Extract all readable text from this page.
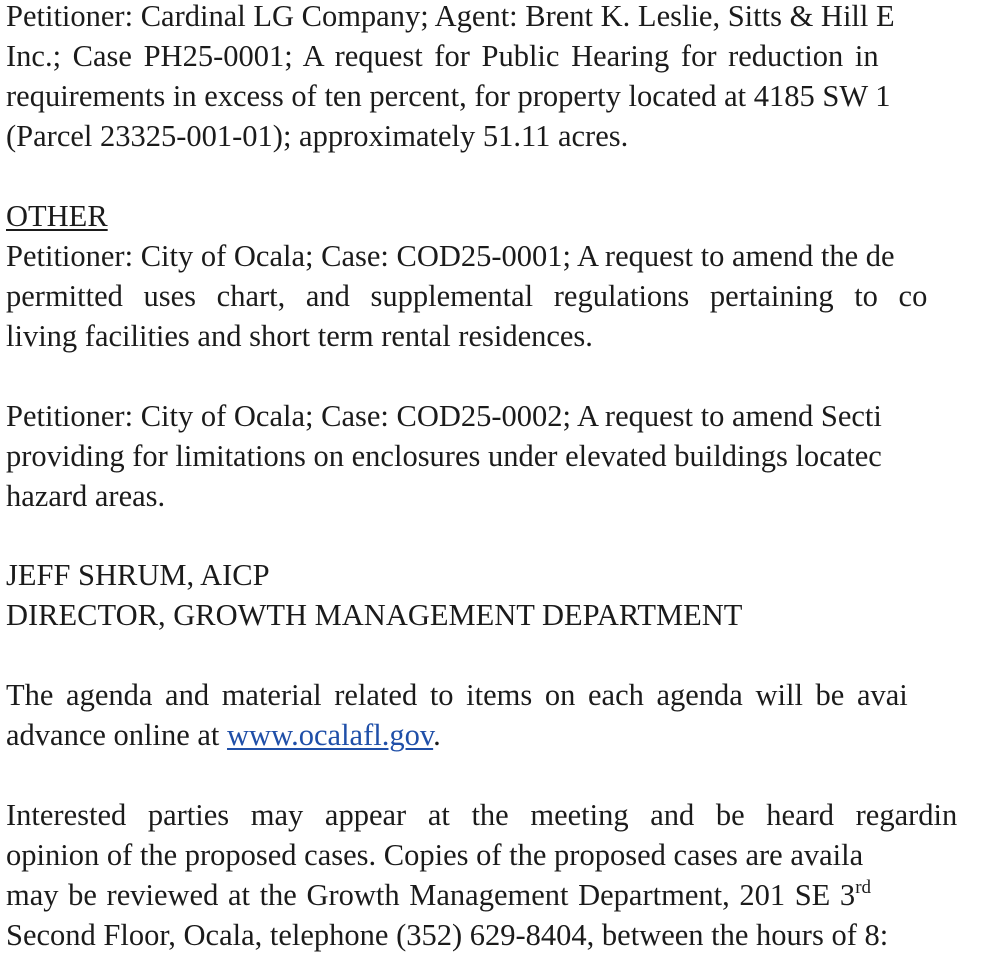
Petitioner: Cardinal LG Company; Agent: Brent K. Leslie, Sitts & Hill E
Inc.; Case PH25-0001; A request for Public Hearing for reduction in
requirements in excess of ten percent, for property located at 4185 SW 1
(Parcel 23325-001-01); approximately 51.11 acres.
OTHER
Petitioner: City of Ocala; Case: COD25-0001; A request to amend the de
permitted uses chart, and supplemental regulations pertaining to co
living facilities and short term rental residences.
Petitioner: City of Ocala; Case: COD25-0002; A request to amend Secti
providing for limitations on enclosures under elevated buildings locatec
hazard areas.
JEFF SHRUM, AICP
DIRECTOR, GROWTH MANAGEMENT DEPARTMENT
The agenda and material related to items on each agenda will be avai
advance online at www.ocalafl.gov.
Interested parties may appear at the meeting and be heard regardin
opinion of the proposed cases. Copies of the proposed cases are availa
may be reviewed at the Growth Management Department, 201 SE 3rd
Second Floor, Ocala, telephone (352) 629-8404, between the hours of 8:
